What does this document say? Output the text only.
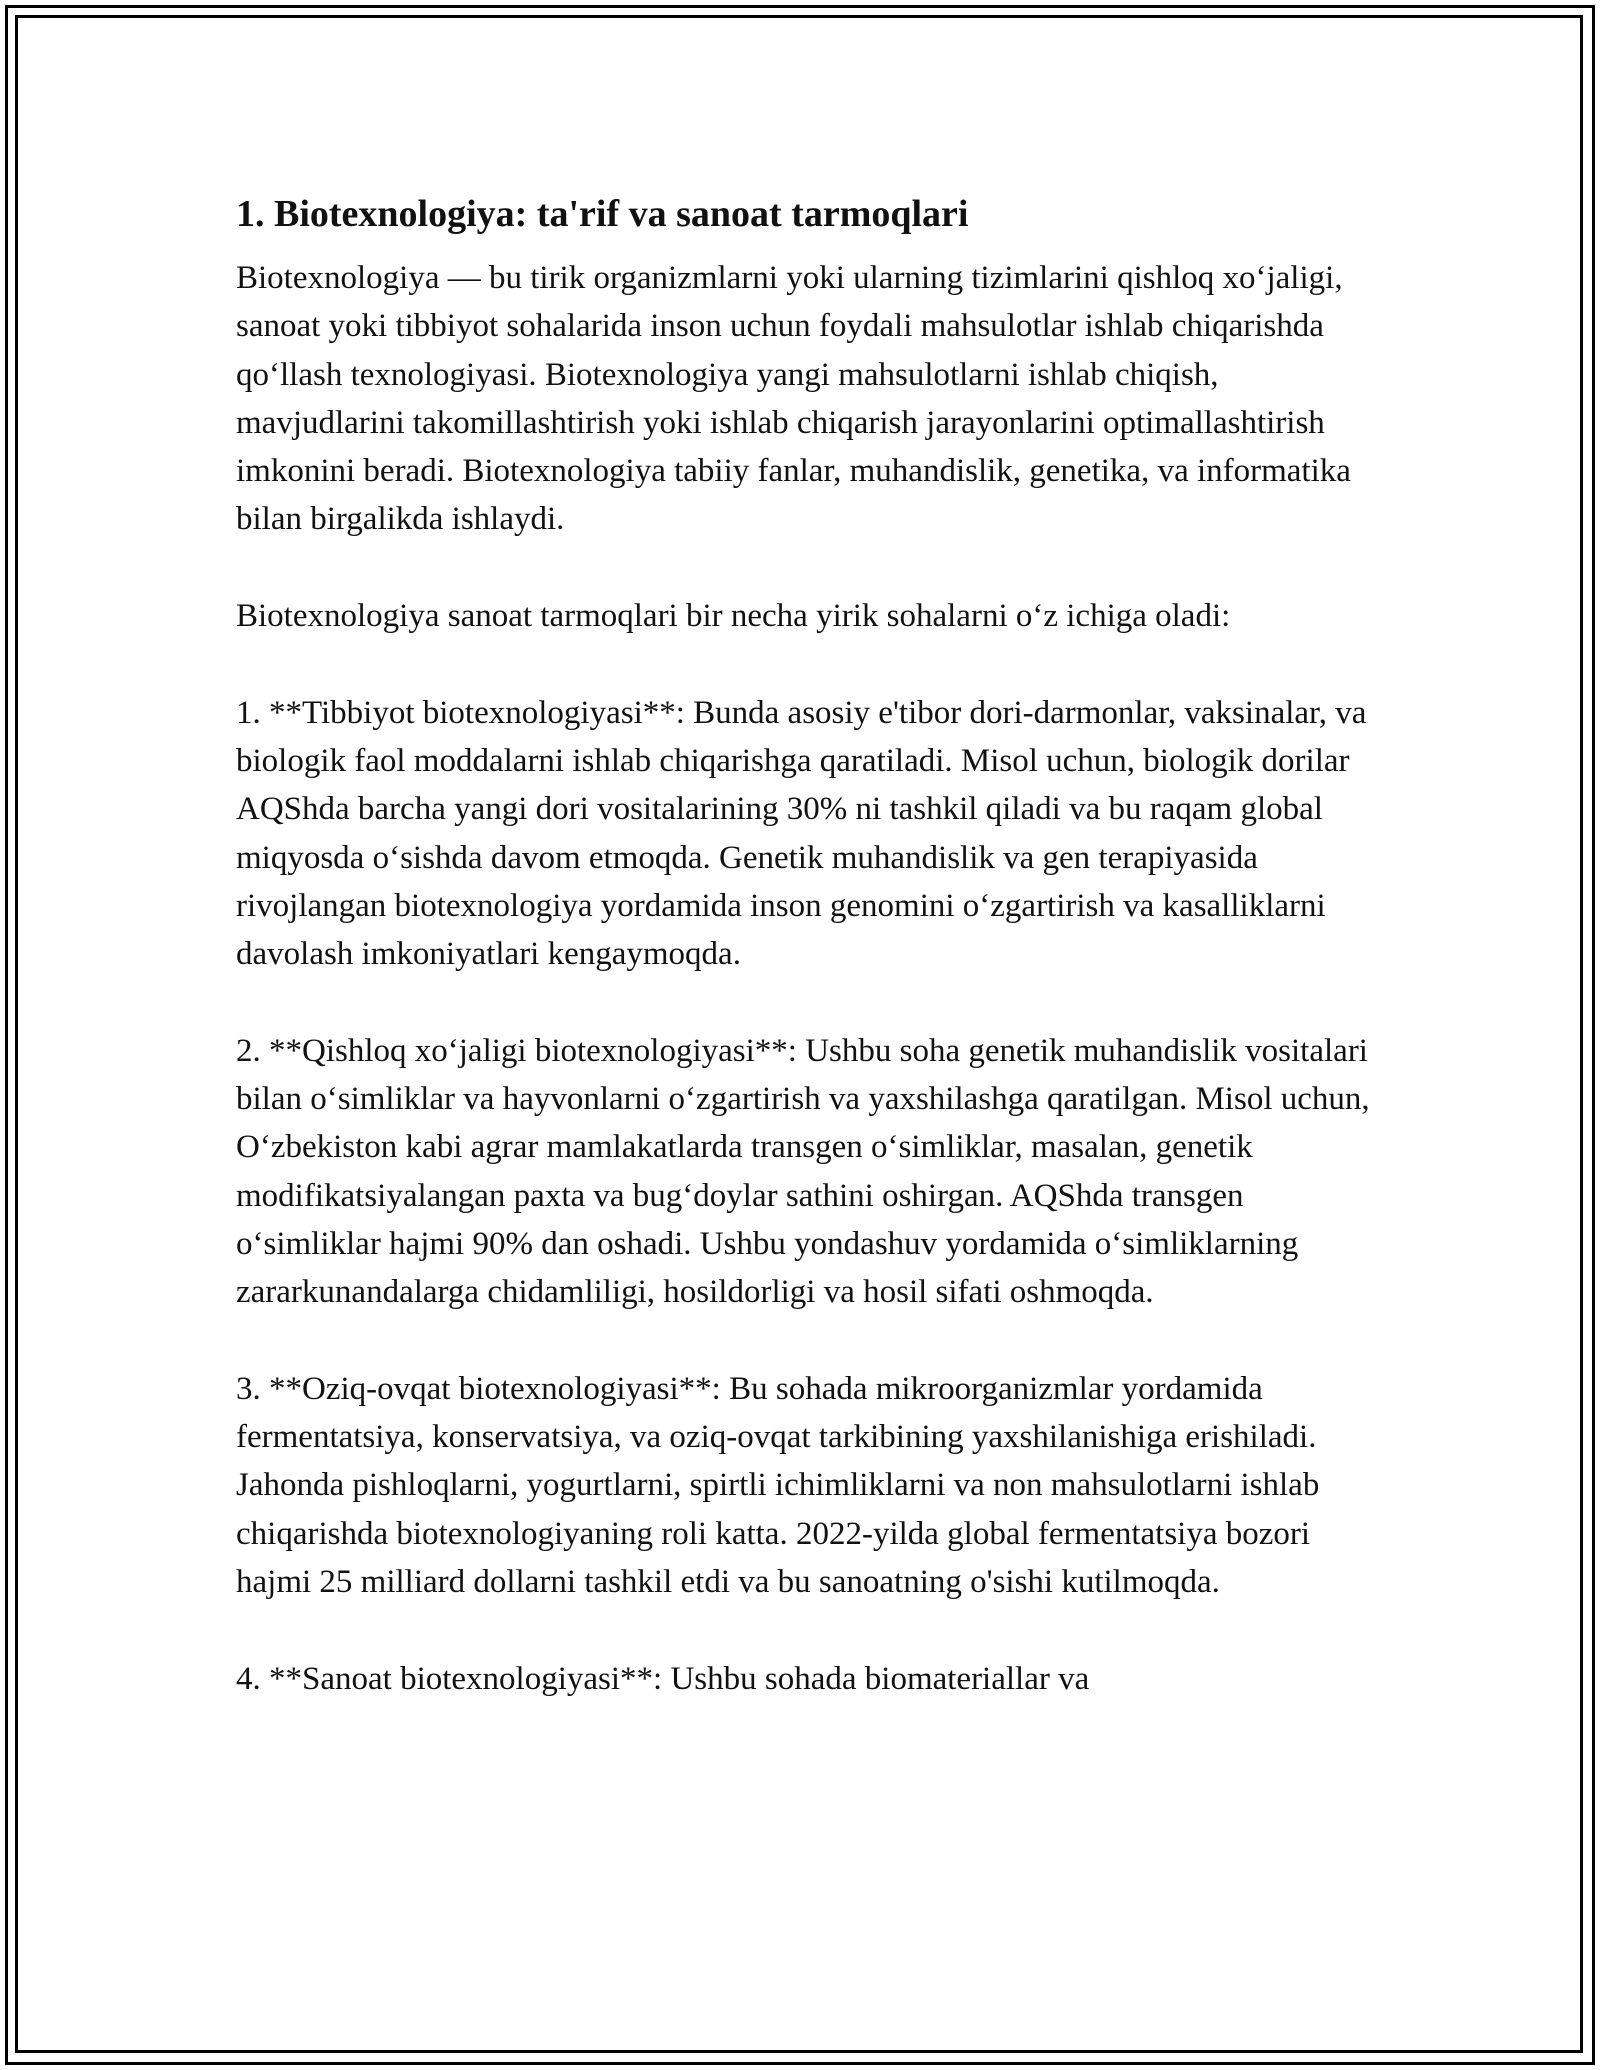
1. Biotexnologiya: ta'rif va sanoat tarmoqlari

Biotexnologiya — bu tirik organizmlarni yoki ularning tizimlarini qishloq xo‘jaligi, sanoat yoki tibbiyot sohalarida inson uchun foydali mahsulotlar ishlab chiqarishda qo‘llash texnologiyasi. Biotexnologiya yangi mahsulotlarni ishlab chiqish, mavjudlarini takomillashtirish yoki ishlab chiqarish jarayonlarini optimallashtirish imkonini beradi. Biotexnologiya tabiiy fanlar, muhandislik, genetika, va informatika bilan birgalikda ishlaydi.

Biotexnologiya sanoat tarmoqlari bir necha yirik sohalarni o‘z ichiga oladi:

1. **Tibbiyot biotexnologiyasi**: Bunda asosiy e'tibor dori-darmonlar, vaksinalar, va biologik faol moddalarni ishlab chiqarishga qaratiladi. Misol uchun, biologik dorilar AQShda barcha yangi dori vositalarining 30% ni tashkil qiladi va bu raqam global miqyosda o‘sishda davom etmoqda. Genetik muhandislik va gen terapiyasida rivojlangan biotexnologiya yordamida inson genomini o‘zgartirish va kasalliklarni davolash imkoniyatlari kengaymoqda.

2. **Qishloq xo‘jaligi biotexnologiyasi**: Ushbu soha genetik muhandislik vositalari bilan o‘simliklar va hayvonlarni o‘zgartirish va yaxshilashga qaratilgan. Misol uchun, O‘zbekiston kabi agrar mamlakatlarda transgen o‘simliklar, masalan, genetik modifikatsiyalangan paxta va bug‘doylar sathini oshirgan. AQShda transgen o‘simliklar hajmi 90% dan oshadi. Ushbu yondashuv yordamida o‘simliklarning zararkunandalarga chidamliligi, hosildorligi va hosil sifati oshmoqda.

3. **Oziq-ovqat biotexnologiyasi**: Bu sohada mikroorganizmlar yordamida fermentatsiya, konservatsiya, va oziq-ovqat tarkibining yaxshilanishiga erishiladi. Jahonda pishloqlarni, yogurtlarni, spirtli ichimliklarni va non mahsulotlarni ishlab chiqarishda biotexnologiyaning roli katta. 2022-yilda global fermentatsiya bozori hajmi 25 milliard dollarni tashkil etdi va bu sanoatning o'sishi kutilmoqda.

4. **Sanoat biotexnologiyasi**: Ushbu sohada biomateriallar va
